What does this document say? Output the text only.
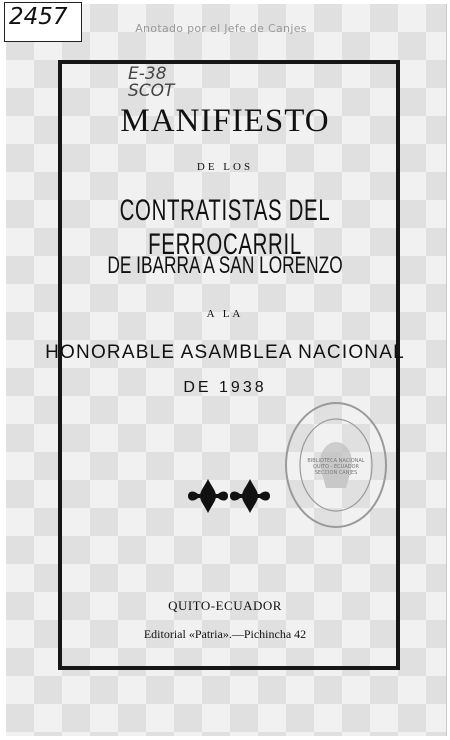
2457	Anotado por el Jefe de Canjes
E-38
SCOT
MANIFIESTO
DE LOS
CONTRATISTAS DEL FERROCARRIL
DE IBARRA A SAN LORENZO
A LA
HONORABLE ASAMBLEA NACIONAL
DE 1938
BIBLIOTECA NACIONAL
QUITO - ECUADOR
SECCION CANJES
QUITO-ECUADOR
Editorial «Patria».—Pichincha 42
